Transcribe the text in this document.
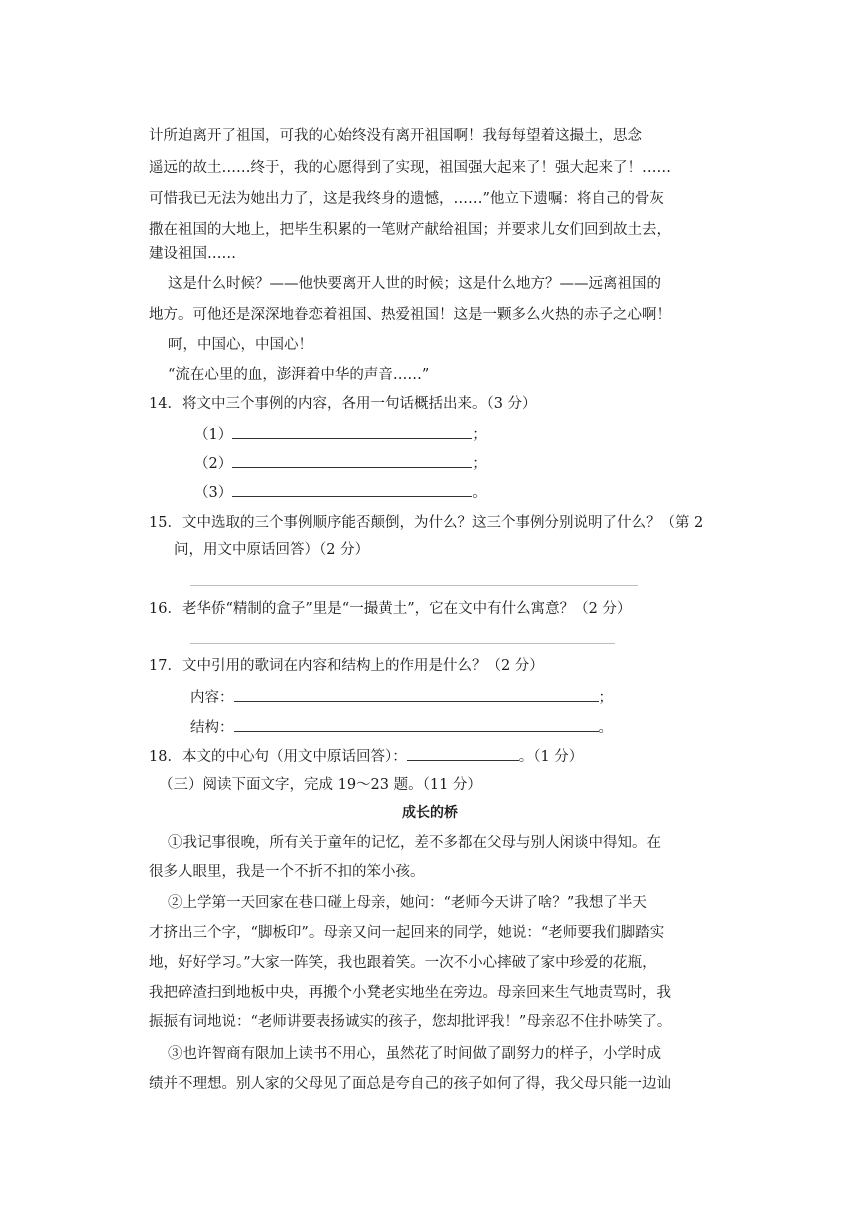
计所迫离开了祖国，可我的心始终没有离开祖国啊！我每每望着这撮土，思念
遥远的故土……终于，我的心愿得到了实现，祖国强大起来了！强大起来了！……
可惜我已无法为她出力了，这是我终身的遗憾，……”他立下遗嘱：将自己的骨灰
撒在祖国的大地上，把毕生积累的一笔财产献给祖国；并要求儿女们回到故土去，
建设祖国……
这是什么时候？——他快要离开人世的时候；这是什么地方？——远离祖国的
地方。可他还是深深地眷恋着祖国、热爱祖国！这是一颗多么火热的赤子之心啊！
呵，中国心，中国心！
“流在心里的血，澎湃着中华的声音……”
14．将文中三个事例的内容，各用一句话概括出来。（3 分）
（1）	；
（2）	；
（3）	。
15．文中选取的三个事例顺序能否颠倒，为什么？这三个事例分别说明了什么？（第 2
问，用文中原话回答）（2 分）
16．老华侨“精制的盒子”里是“一撮黄土”，它在文中有什么寓意？（2 分）
17．文中引用的歌词在内容和结构上的作用是什么？（2 分）
内容：	；
结构：	。
18．本文的中心句（用文中原话回答）：	。（1 分）
（三）阅读下面文字，完成 19～23 题。（11 分）
成长的桥
①我记事很晚，所有关于童年的记忆，差不多都在父母与别人闲谈中得知。在
很多人眼里，我是一个不折不扣的笨小孩。
②上学第一天回家在巷口碰上母亲，她问：“老师今天讲了啥？”我想了半天
才挤出三个字，“脚板印”。母亲又问一起回来的同学，她说：“老师要我们脚踏实
地，好好学习。”大家一阵笑，我也跟着笑。一次不小心摔破了家中珍爱的花瓶，
我把碎渣扫到地板中央，再搬个小凳老实地坐在旁边。母亲回来生气地责骂时，我
振振有词地说：“老师讲要表扬诚实的孩子，您却批评我！”母亲忍不住扑哧笑了。
③也许智商有限加上读书不用心，虽然花了时间做了副努力的样子，小学时成
绩并不理想。别人家的父母见了面总是夸自己的孩子如何了得，我父母只能一边讪
